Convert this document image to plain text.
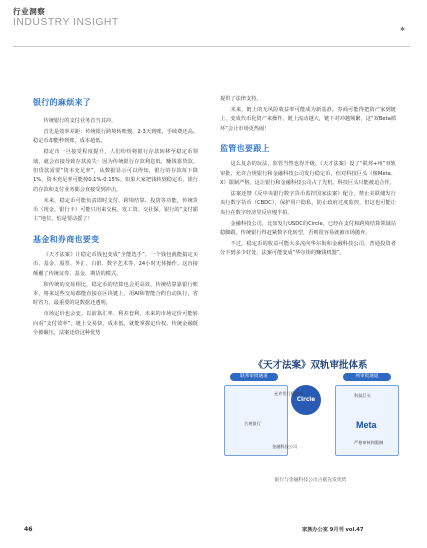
行业洞察
INDUSTRY INSIGHT
✱
银行的麻烦来了

传统银行的支付业务首当其冲。

首先是效率差距：传统银行跨境转账慢，2-3天到账，手续费还高。稳定币却能秒到账，成本超低。

稳定币一旦接受程度提升，人们纷纷将银行存款转移至稳定币领域，就会直接导致存款流失：因为传统银行存款利息低，赚钱靠贷款。但贷款需要“资本充足率”，从数据显示可以得知，银行的存款每下降1%，资本充足率可能掉0.1%-0.15%。如果大家把钱转到稳定币，银行的存款和支付业务都会直接受到冲击。

未来，稳定币可能负责即时支付、跨境结算、投资等功能，传统货币（现金、银行卡）可能只用来交税、发工资、交社保。银行的“支付霸主”地位，怕是要动摇了！

基金和券商也要变

《天才法案》让稳定币钱包变成“全能选手”。一个钱包就能搞定买币、基金、股票、外汇、白银、数字艺术等，24小时无休操作。这直接颠覆了传统证券、基金、期货的模式。

和传统的交易相比，稳定币的结算也会更高效。传统结算靠银行账本，将来这些交易都能直接在区块链上，用AI和智能合约自动执行，省时省力，最重要的是数据还透明。

市场定价也会变。以前靠汇率、利差套利，未来的市场定价可能转向看“支付效率”。链上交易快、成本低，就能掌握定价权。传统金融既全被碾压，法案还给这种优势

提供了法律支持。

未来，链上的无风险收益率可能成为新基准。券商可能得把资产家到链上，变成代币化资产来操作。链上流动越大，链下对冲越频繁，这“双Beta循环”会让市场更热闹！

监管也要跟上

这么复杂的玩法，监管当然也得升级。《天才法案》设了“联邦+州”双轨审批，允许合规银行和金融科技公司发行稳定币，但对科技巨头（像Meta、X）限制严格。这让银行和金融科技公司占了先机，科技巨头只能被迫合作。

法案还禁《反中央银行数字货币监控国家法案》配合，禁止美联储发行央行数字货币（CBDC），保护用户隐私，防止政府过度监控。但这也可能让央行在数字经济里反应慢半拍。

金融科技公司，比如发行USDC的Circle，已经在支付和跨境结算领域站稳脚跟。传统银行得赶紧数字化转型，否则很容易就被市场抛弃。

不过，稳定币的收益可能大多流向华尔街和金融科技公司，普通投资者分不到多少好处，法案可能变成“华尔街的赚钱机器”。

《天才法案》双轨审批体系
联邦审批通道	州审批通道
Circle
允许发行稳定币
合规银行
金融科技公司
科技巨头
Meta
严格审核和限制
银行与金融科技公司占据先发优势
46	家族办公室 9月刊 vol.47
